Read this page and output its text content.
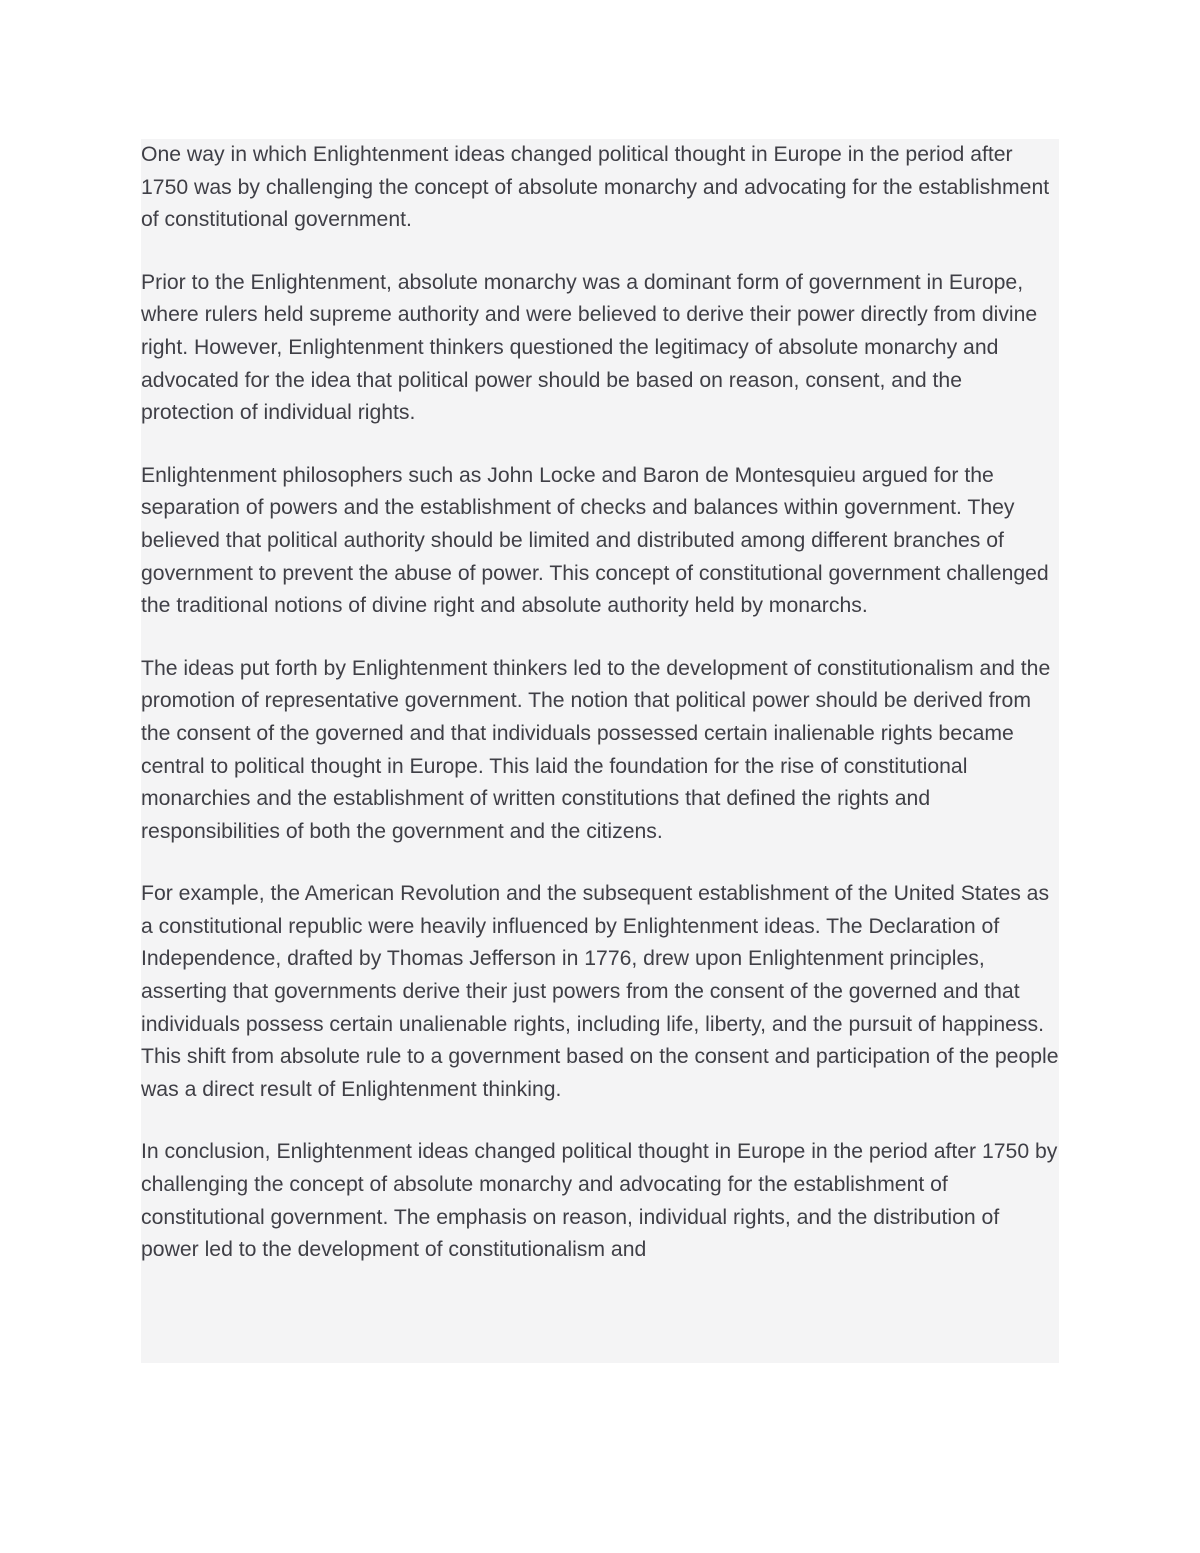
One way in which Enlightenment ideas changed political thought in Europe in the period after 1750 was by challenging the concept of absolute monarchy and advocating for the establishment of constitutional government.

Prior to the Enlightenment, absolute monarchy was a dominant form of government in Europe, where rulers held supreme authority and were believed to derive their power directly from divine right. However, Enlightenment thinkers questioned the legitimacy of absolute monarchy and advocated for the idea that political power should be based on reason, consent, and the protection of individual rights.

Enlightenment philosophers such as John Locke and Baron de Montesquieu argued for the separation of powers and the establishment of checks and balances within government. They believed that political authority should be limited and distributed among different branches of government to prevent the abuse of power. This concept of constitutional government challenged the traditional notions of divine right and absolute authority held by monarchs.

The ideas put forth by Enlightenment thinkers led to the development of constitutionalism and the promotion of representative government. The notion that political power should be derived from the consent of the governed and that individuals possessed certain inalienable rights became central to political thought in Europe. This laid the foundation for the rise of constitutional monarchies and the establishment of written constitutions that defined the rights and responsibilities of both the government and the citizens.

For example, the American Revolution and the subsequent establishment of the United States as a constitutional republic were heavily influenced by Enlightenment ideas. The Declaration of Independence, drafted by Thomas Jefferson in 1776, drew upon Enlightenment principles, asserting that governments derive their just powers from the consent of the governed and that individuals possess certain unalienable rights, including life, liberty, and the pursuit of happiness. This shift from absolute rule to a government based on the consent and participation of the people was a direct result of Enlightenment thinking.

In conclusion, Enlightenment ideas changed political thought in Europe in the period after 1750 by challenging the concept of absolute monarchy and advocating for the establishment of constitutional government. The emphasis on reason, individual rights, and the distribution of power led to the development of constitutionalism and
